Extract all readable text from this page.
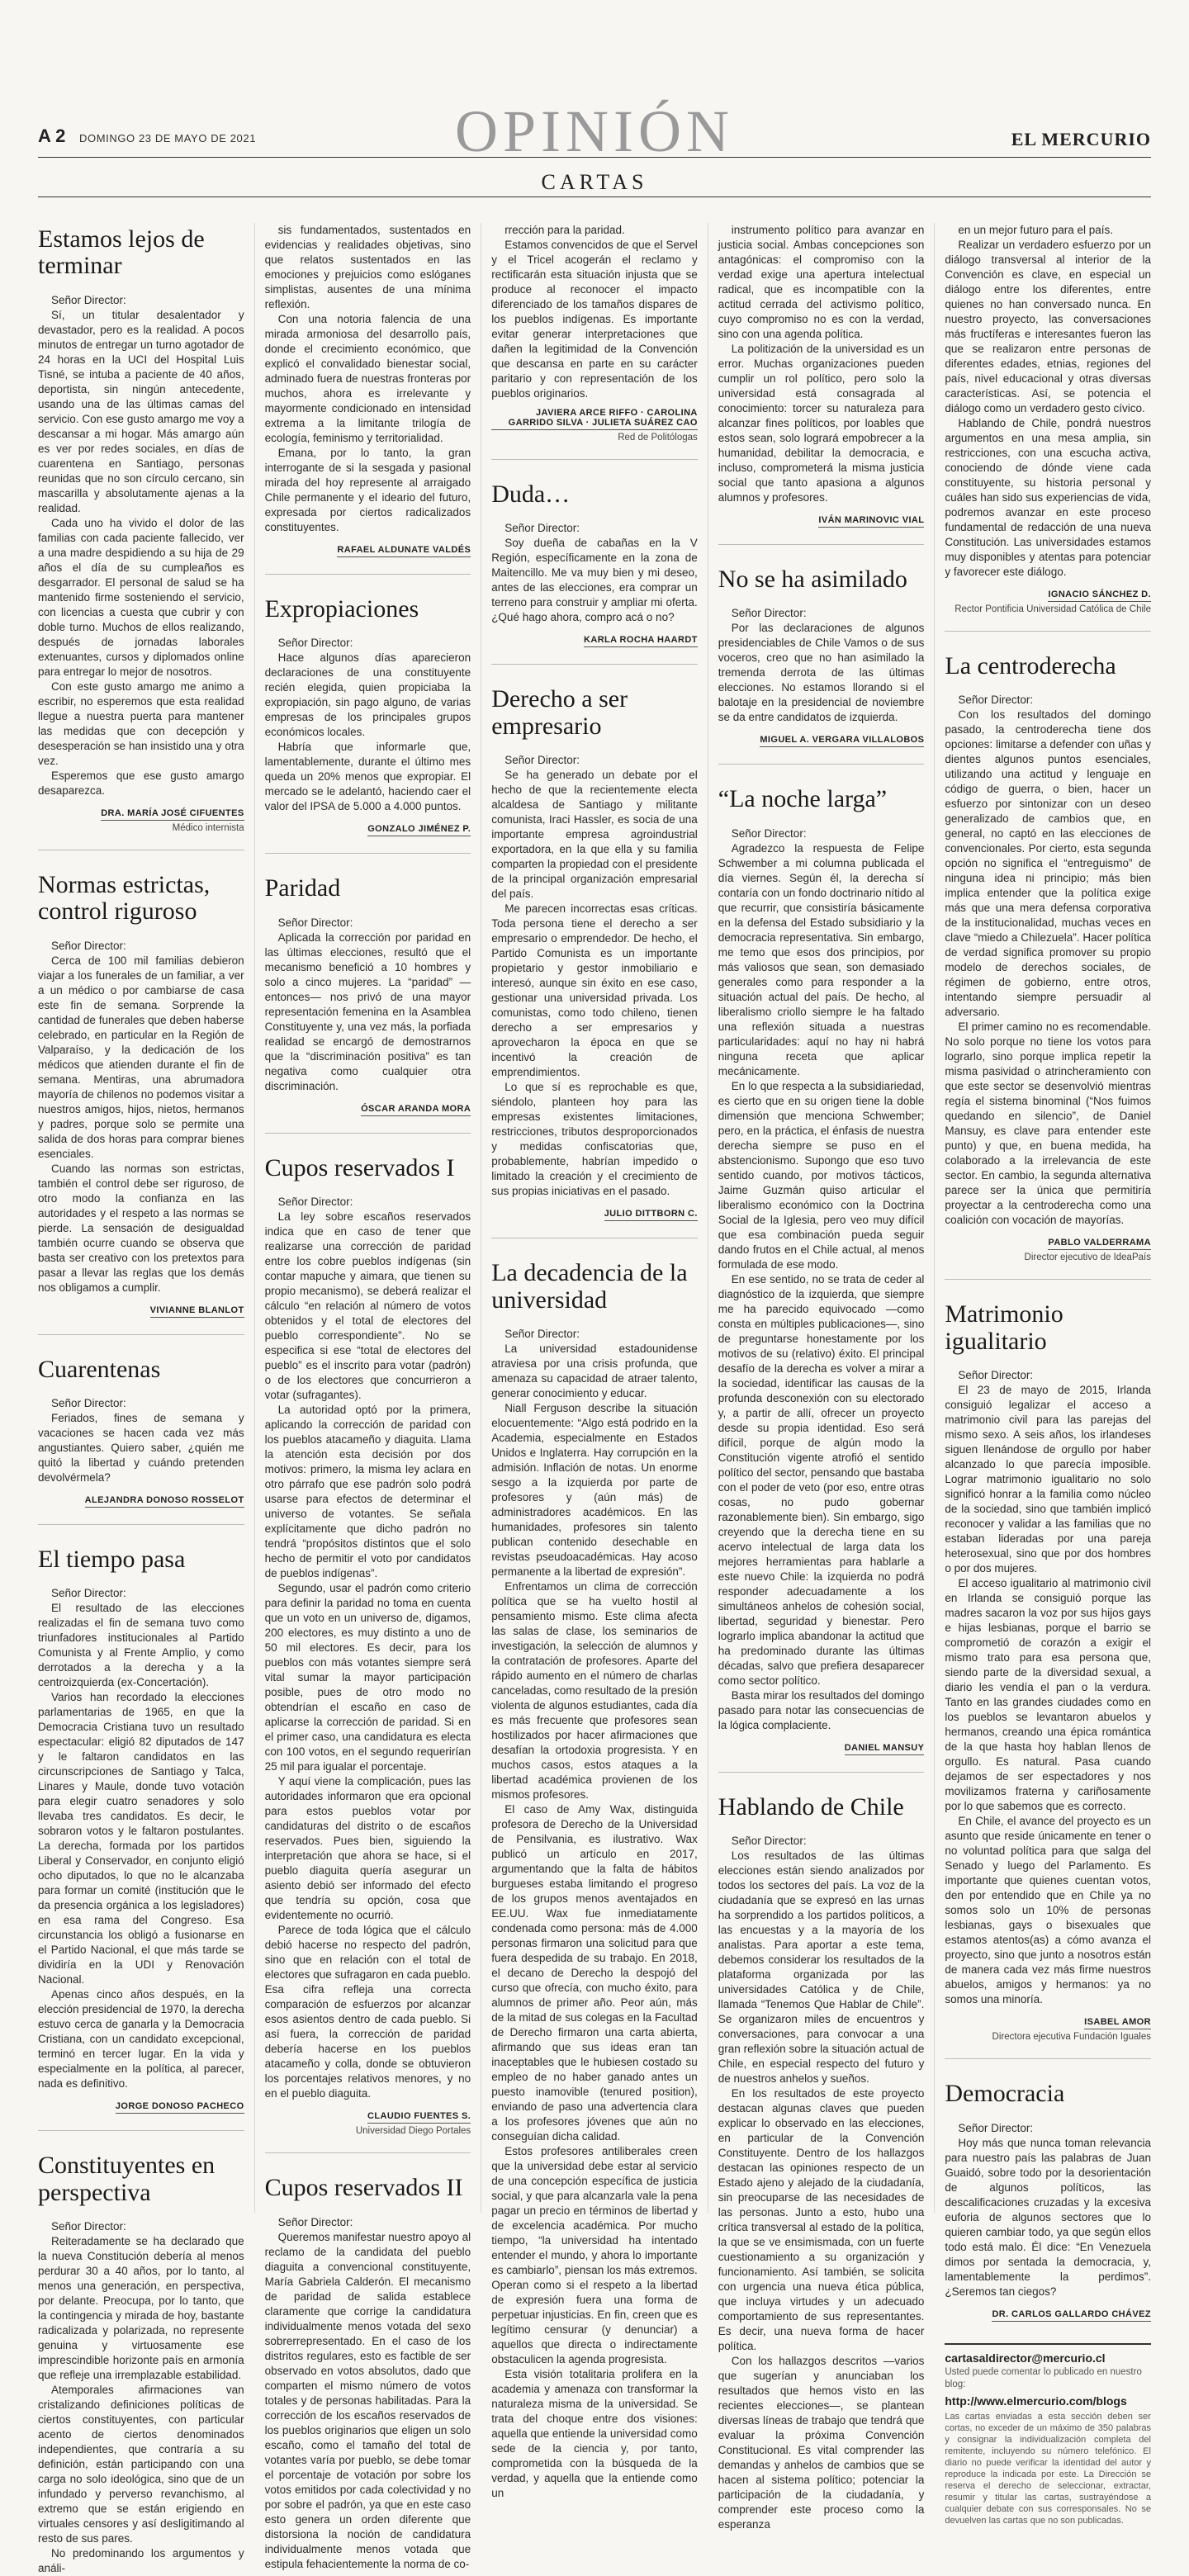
OPINIÓN
A 2 DOMINGO 23 DE MAYO DE 2021	EL MERCURIO
CARTAS
Estamos lejos de terminar
Señor Director:

Sí, un titular desalentador y devastador, pero es la realidad. A pocos minutos de entregar un turno agotador de 24 horas en la UCI del Hospital Luis Tisné, se intuba a paciente de 40 años, deportista, sin ningún antecedente, usando una de las últimas camas del servicio. Con ese gusto amargo me voy a descansar a mi hogar. Más amargo aún es ver por redes sociales, en días de cuarentena en Santiago, personas reunidas que no son círculo cercano, sin mascarilla y absolutamente ajenas a la realidad.

Cada uno ha vivido el dolor de las familias con cada paciente fallecido, ver a una madre despidiendo a su hija de 29 años el día de su cumpleaños es desgarrador. El personal de salud se ha mantenido firme sosteniendo el servicio, con licencias a cuesta que cubrir y con doble turno. Muchos de ellos realizando, después de jornadas laborales extenuantes, cursos y diplomados online para entregar lo mejor de nosotros.

Con este gusto amargo me animo a escribir, no esperemos que esta realidad llegue a nuestra puerta para mantener las medidas que con decepción y desesperación se han insistido una y otra vez.

Esperemos que ese gusto amargo desaparezca.

DRA. MARÍA JOSÉ CIFUENTES
Médico internista
Normas estrictas, control riguroso
Señor Director:

Cerca de 100 mil familias debieron viajar a los funerales de un familiar, a ver a un médico o por cambiarse de casa este fin de semana. Sorprende la cantidad de funerales que deben haberse celebrado, en particular en la Región de Valparaíso, y la dedicación de los médicos que atienden durante el fin de semana. Mentiras, una abrumadora mayoría de chilenos no podemos visitar a nuestros amigos, hijos, nietos, hermanos y padres, porque solo se permite una salida de dos horas para comprar bienes esenciales.

Cuando las normas son estrictas, también el control debe ser riguroso, de otro modo la confianza en las autoridades y el respeto a las normas se pierde. La sensación de desigualdad también ocurre cuando se observa que basta ser creativo con los pretextos para pasar a llevar las reglas que los demás nos obligamos a cumplir.

VIVIANNE BLANLOT
Cuarentenas
Señor Director:

Feriados, fines de semana y vacaciones se hacen cada vez más angustiantes. Quiero saber, ¿quién me quitó la libertad y cuándo pretenden devolvérmela?

ALEJANDRA DONOSO ROSSELOT
El tiempo pasa
Señor Director:

El resultado de las elecciones realizadas el fin de semana tuvo como triunfadores institucionales al Partido Comunista y al Frente Amplio, y como derrotados a la derecha y a la centroizquierda (ex-Concertación).

Varios han recordado la elecciones parlamentarias de 1965, en que la Democracia Cristiana tuvo un resultado espectacular: eligió 82 diputados de 147 y le faltaron candidatos en las circunscripciones de Santiago y Talca, Linares y Maule, donde tuvo votación para elegir cuatro senadores y solo llevaba tres candidatos. Es decir, le sobraron votos y le faltaron postulantes. La derecha, formada por los partidos Liberal y Conservador, en conjunto eligió ocho diputados, lo que no le alcanzaba para formar un comité (institución que le da presencia orgánica a los legisladores) en esa rama del Congreso. Esa circunstancia los obligó a fusionarse en el Partido Nacional, el que más tarde se dividiría en la UDI y Renovación Nacional.

Apenas cinco años después, en la elección presidencial de 1970, la derecha estuvo cerca de ganarla y la Democracia Cristiana, con un candidato excepcional, terminó en tercer lugar. En la vida y especialmente en la política, al parecer, nada es definitivo.

JORGE DONOSO PACHECO
Constituyentes en perspectiva
Señor Director:

Reiteradamente se ha declarado que la nueva Constitución debería al menos perdurar 30 a 40 años, por lo tanto, al menos una generación, en perspectiva, por delante. Preocupa, por lo tanto, que la contingencia y mirada de hoy, bastante radicalizada y polarizada, no represente genuina y virtuosamente ese imprescindible horizonte país en armonía que refleje una irremplazable estabilidad.

Atemporales afirmaciones van cristalizando definiciones políticas de ciertos constituyentes, con particular acento de ciertos denominados independientes, que contraría a su definición, están participando con una carga no solo ideológica, sino que de un infundado y perverso revanchismo, al extremo que se están erigiendo en virtuales censores y así desligitimando al resto de sus pares.

No predominando los argumentos y análi-

sis fundamentados, sustentados en evidencias y realidades objetivas, sino que relatos sustentados en las emociones y prejuicios como eslóganes simplistas, ausentes de una mínima reflexión.

Con una notoria falencia de una mirada armoniosa del desarrollo país, donde el crecimiento económico, que explicó el convalidado bienestar social, adminado fuera de nuestras fronteras por muchos, ahora es irrelevante y mayormente condicionado en intensidad extrema a la limitante trilogía de ecología, feminismo y territorialidad.

Emana, por lo tanto, la gran interrogante de si la sesgada y pasional mirada del hoy represente al arraigado Chile permanente y el ideario del futuro, expresada por ciertos radicalizados constituyentes.

RAFAEL ALDUNATE VALDÉS
Expropiaciones
Señor Director:

Hace algunos días aparecieron declaraciones de una constituyente recién elegida, quien propiciaba la expropiación, sin pago alguno, de varias empresas de los principales grupos económicos locales.

Habría que informarle que, lamentablemente, durante el último mes queda un 20% menos que expropiar. El mercado se le adelantó, haciendo caer el valor del IPSA de 5.000 a 4.000 puntos.

GONZALO JIMÉNEZ P.
Paridad
Señor Director:

Aplicada la corrección por paridad en las últimas elecciones, resultó que el mecanismo benefició a 10 hombres y solo a cinco mujeres. La “paridad” —entonces— nos privó de una mayor representación femenina en la Asamblea Constituyente y, una vez más, la porfiada realidad se encargó de demostrarnos que la “discriminación positiva” es tan negativa como cualquier otra discriminación.

ÓSCAR ARANDA MORA
Cupos reservados I
Señor Director:

La ley sobre escaños reservados indica que en caso de tener que realizarse una corrección de paridad entre los cobre pueblos indígenas (sin contar mapuche y aimara, que tienen su propio mecanismo), se deberá realizar el cálculo “en relación al número de votos obtenidos y el total de electores del pueblo correspondiente”. No se especifica si ese “total de electores del pueblo” es el inscrito para votar (padrón) o de los electores que concurrieron a votar (sufragantes).

La autoridad optó por la primera, aplicando la corrección de paridad con los pueblos atacameño y diaguita. Llama la atención esta decisión por dos motivos: primero, la misma ley aclara en otro párrafo que ese padrón solo podrá usarse para efectos de determinar el universo de votantes. Se señala explícitamente que dicho padrón no tendrá “propósitos distintos que el solo hecho de permitir el voto por candidatos de pueblos indígenas”.

Segundo, usar el padrón como criterio para definir la paridad no toma en cuenta que un voto en un universo de, digamos, 200 electores, es muy distinto a uno de 50 mil electores. Es decir, para los pueblos con más votantes siempre será vital sumar la mayor participación posible, pues de otro modo no obtendrían el escaño en caso de aplicarse la corrección de paridad. Si en el primer caso, una candidatura es electa con 100 votos, en el segundo requerirían 25 mil para igualar el porcentaje.

Y aquí viene la complicación, pues las autoridades informaron que era opcional para estos pueblos votar por candidaturas del distrito o de escaños reservados. Pues bien, siguiendo la interpretación que ahora se hace, si el pueblo diaguita quería asegurar un asiento debió ser informado del efecto que tendría su opción, cosa que evidentemente no ocurrió.

Parece de toda lógica que el cálculo debió hacerse no respecto del padrón, sino que en relación con el total de electores que sufragaron en cada pueblo. Esa cifra refleja una correcta comparación de esfuerzos por alcanzar esos asientos dentro de cada pueblo. Si así fuera, la corrección de paridad debería hacerse en los pueblos atacameño y colla, donde se obtuvieron los porcentajes relativos menores, y no en el pueblo diaguita.

CLAUDIO FUENTES S.
Universidad Diego Portales
Cupos reservados II
Señor Director:

Queremos manifestar nuestro apoyo al reclamo de la candidata del pueblo diaguita a convencional constituyente, María Gabriela Calderón. El mecanismo de paridad de salida establece claramente que corrige la candidatura individualmente menos votada del sexo sobrerrepresentado. En el caso de los distritos regulares, esto es factible de ser observado en votos absolutos, dado que comparten el mismo número de votos totales y de personas habilitadas. Para la corrección de los escaños reservados de los pueblos originarios que eligen un solo escaño, como el tamaño del total de votantes varía por pueblo, se debe tomar el porcentaje de votación por sobre los votos emitidos por cada colectividad y no por sobre el padrón, ya que en este caso esto genera un orden diferente que distorsiona la noción de candidatura individualmente menos votada que estipula fehacientemente la norma de co-

rrección para la paridad.

Estamos convencidos de que el Servel y el Tricel acogerán el reclamo y rectificarán esta situación injusta que se produce al reconocer el impacto diferenciado de los tamaños dispares de los pueblos indígenas. Es importante evitar generar interpretaciones que dañen la legitimidad de la Convención que descansa en parte en su carácter paritario y con representación de los pueblos originarios.

JAVIERA ARCE RIFFO · CAROLINA GARRIDO SILVA · JULIETA SUÁREZ CAO
Red de Politólogas
Duda…
Señor Director:

Soy dueña de cabañas en la V Región, específicamente en la zona de Maitencillo. Me va muy bien y mi deseo, antes de las elecciones, era comprar un terreno para construir y ampliar mi oferta. ¿Qué hago ahora, compro acá o no?

KARLA ROCHA HAARDT
Derecho a ser empresario
Señor Director:

Se ha generado un debate por el hecho de que la recientemente electa alcaldesa de Santiago y militante comunista, Iraci Hassler, es socia de una importante empresa agroindustrial exportadora, en la que ella y su familia comparten la propiedad con el presidente de la principal organización empresarial del país.

Me parecen incorrectas esas críticas. Toda persona tiene el derecho a ser empresario o emprendedor. De hecho, el Partido Comunista es un importante propietario y gestor inmobiliario e interesó, aunque sin éxito en ese caso, gestionar una universidad privada. Los comunistas, como todo chileno, tienen derecho a ser empresarios y aprovecharon la época en que se incentivó la creación de emprendimientos.

Lo que sí es reprochable es que, siéndolo, planteen hoy para las empresas existentes limitaciones, restricciones, tributos desproporcionados y medidas confiscatorias que, probablemente, habrían impedido o limitado la creación y el crecimiento de sus propias iniciativas en el pasado.

JULIO DITTBORN C.
La decadencia de la universidad
Señor Director:

La universidad estadounidense atraviesa por una crisis profunda, que amenaza su capacidad de atraer talento, generar conocimiento y educar.

Niall Ferguson describe la situación elocuentemente: “Algo está podrido en la Academia, especialmente en Estados Unidos e Inglaterra. Hay corrupción en la admisión. Inflación de notas. Un enorme sesgo a la izquierda por parte de profesores y (aún más) de administradores académicos. En las humanidades, profesores sin talento publican contenido desechable en revistas pseudoacadémicas. Hay acoso permanente a la libertad de expresión”.

Enfrentamos un clima de corrección política que se ha vuelto hostil al pensamiento mismo. Este clima afecta las salas de clase, los seminarios de investigación, la selección de alumnos y la contratación de profesores. Aparte del rápido aumento en el número de charlas canceladas, como resultado de la presión violenta de algunos estudiantes, cada día es más frecuente que profesores sean hostilizados por hacer afirmaciones que desafían la ortodoxia progresista. Y en muchos casos, estos ataques a la libertad académica provienen de los mismos profesores.

El caso de Amy Wax, distinguida profesora de Derecho de la Universidad de Pensilvania, es ilustrativo. Wax publicó un artículo en 2017, argumentando que la falta de hábitos burgueses estaba limitando el progreso de los grupos menos aventajados en EE.UU. Wax fue inmediatamente condenada como persona: más de 4.000 personas firmaron una solicitud para que fuera despedida de su trabajo. En 2018, el decano de Derecho la despojó del curso que ofrecía, con mucho éxito, para alumnos de primer año. Peor aún, más de la mitad de sus colegas en la Facultad de Derecho firmaron una carta abierta, afirmando que sus ideas eran tan inaceptables que le hubiesen costado su empleo de no haber ganado antes un puesto inamovible (tenured position), enviando de paso una advertencia clara a los profesores jóvenes que aún no conseguían dicha calidad.

Estos profesores antiliberales creen que la universidad debe estar al servicio de una concepción específica de justicia social, y que para alcanzarla vale la pena pagar un precio en términos de libertad y de excelencia académica. Por mucho tiempo, “la universidad ha intentado entender el mundo, y ahora lo importante es cambiarlo”, piensan los más extremos. Operan como si el respeto a la libertad de expresión fuera una forma de perpetuar injusticias. En fin, creen que es legítimo censurar (y denunciar) a aquellos que directa o indirectamente obstaculicen la agenda progresista.

Esta visión totalitaria prolifera en la academia y amenaza con transformar la naturaleza misma de la universidad. Se trata del choque entre dos visiones: aquella que entiende la universidad como sede de la ciencia y, por tanto, comprometida con la búsqueda de la verdad, y aquella que la entiende como un

instrumento político para avanzar en justicia social. Ambas concepciones son antagónicas: el compromiso con la verdad exige una apertura intelectual radical, que es incompatible con la actitud cerrada del activismo político, cuyo compromiso no es con la verdad, sino con una agenda política.

La politización de la universidad es un error. Muchas organizaciones pueden cumplir un rol político, pero solo la universidad está consagrada al conocimiento: torcer su naturaleza para alcanzar fines políticos, por loables que estos sean, solo logrará empobrecer a la humanidad, debilitar la democracia, e incluso, comprometerá la misma justicia social que tanto apasiona a algunos alumnos y profesores.

IVÁN MARINOVIC VIAL
No se ha asimilado
Señor Director:

Por las declaraciones de algunos presidenciables de Chile Vamos o de sus voceros, creo que no han asimilado la tremenda derrota de las últimas elecciones. No estamos llorando si el balotaje en la presidencial de noviembre se da entre candidatos de izquierda.

MIGUEL A. VERGARA VILLALOBOS
“La noche larga”
Señor Director:

Agradezco la respuesta de Felipe Schwember a mi columna publicada el día viernes. Según él, la derecha sí contaría con un fondo doctrinario nítido al que recurrir, que consistiría básicamente en la defensa del Estado subsidiario y la democracia representativa. Sin embargo, me temo que esos dos principios, por más valiosos que sean, son demasiado generales como para responder a la situación actual del país. De hecho, al liberalismo criollo siempre le ha faltado una reflexión situada a nuestras particularidades: aquí no hay ni habrá ninguna receta que aplicar mecánicamente.

En lo que respecta a la subsidiariedad, es cierto que en su origen tiene la doble dimensión que menciona Schwember; pero, en la práctica, el énfasis de nuestra derecha siempre se puso en el abstencionismo. Supongo que eso tuvo sentido cuando, por motivos tácticos, Jaime Guzmán quiso articular el liberalismo económico con la Doctrina Social de la Iglesia, pero veo muy difícil que esa combinación pueda seguir dando frutos en el Chile actual, al menos formulada de ese modo.

En ese sentido, no se trata de ceder al diagnóstico de la izquierda, que siempre me ha parecido equivocado —como consta en múltiples publicaciones—, sino de preguntarse honestamente por los motivos de su (relativo) éxito. El principal desafío de la derecha es volver a mirar a la sociedad, identificar las causas de la profunda desconexión con su electorado y, a partir de allí, ofrecer un proyecto desde su propia identidad. Eso será difícil, porque de algún modo la Constitución vigente atrofió el sentido político del sector, pensando que bastaba con el poder de veto (por eso, entre otras cosas, no pudo gobernar razonablemente bien). Sin embargo, sigo creyendo que la derecha tiene en su acervo intelectual de larga data los mejores herramientas para hablarle a este nuevo Chile: la izquierda no podrá responder adecuadamente a los simultáneos anhelos de cohesión social, libertad, seguridad y bienestar. Pero lograrlo implica abandonar la actitud que ha predominado durante las últimas décadas, salvo que prefiera desaparecer como sector político.

Basta mirar los resultados del domingo pasado para notar las consecuencias de la lógica complaciente.

DANIEL MANSUY
Hablando de Chile
Señor Director:

Los resultados de las últimas elecciones están siendo analizados por todos los sectores del país. La voz de la ciudadanía que se expresó en las urnas ha sorprendido a los partidos políticos, a las encuestas y a la mayoría de los analistas. Para aportar a este tema, debemos considerar los resultados de la plataforma organizada por las universidades Católica y de Chile, llamada “Tenemos Que Hablar de Chile”. Se organizaron miles de encuentros y conversaciones, para convocar a una gran reflexión sobre la situación actual de Chile, en especial respecto del futuro y de nuestros anhelos y sueños.

En los resultados de este proyecto destacan algunas claves que pueden explicar lo observado en las elecciones, en particular de la Convención Constituyente. Dentro de los hallazgos destacan las opiniones respecto de un Estado ajeno y alejado de la ciudadanía, sin preocuparse de las necesidades de las personas. Junto a esto, hubo una crítica transversal al estado de la política, la que se ve ensimismada, con un fuerte cuestionamiento a su organización y funcionamiento. Así también, se solicita con urgencia una nueva ética pública, que incluya virtudes y un adecuado comportamiento de sus representantes. Es decir, una nueva forma de hacer política.

Con los hallazgos descritos —varios que sugerían y anunciaban los resultados que hemos visto en las recientes elecciones—, se plantean diversas líneas de trabajo que tendrá que evaluar la próxima Convención Constitucional. Es vital comprender las demandas y anhelos de cambios que se hacen al sistema político; potenciar la participación de la ciudadanía, y comprender este proceso como la esperanza

en un mejor futuro para el país.

Realizar un verdadero esfuerzo por un diálogo transversal al interior de la Convención es clave, en especial un diálogo entre los diferentes, entre quienes no han conversado nunca. En nuestro proyecto, las conversaciones más fructíferas e interesantes fueron las que se realizaron entre personas de diferentes edades, etnias, regiones del país, nivel educacional y otras diversas características. Así, se potencia el diálogo como un verdadero gesto cívico.

Hablando de Chile, pondrá nuestros argumentos en una mesa amplia, sin restricciones, con una escucha activa, conociendo de dónde viene cada constituyente, su historia personal y cuáles han sido sus experiencias de vida, podremos avanzar en este proceso fundamental de redacción de una nueva Constitución. Las universidades estamos muy disponibles y atentas para potenciar y favorecer este diálogo.

IGNACIO SÁNCHEZ D.
Rector Pontificia Universidad Católica de Chile
La centroderecha
Señor Director:

Con los resultados del domingo pasado, la centroderecha tiene dos opciones: limitarse a defender con uñas y dientes algunos puntos esenciales, utilizando una actitud y lenguaje en código de guerra, o bien, hacer un esfuerzo por sintonizar con un deseo generalizado de cambios que, en general, no captó en las elecciones de convencionales. Por cierto, esta segunda opción no significa el “entreguismo” de ninguna idea ni principio; más bien implica entender que la política exige más que una mera defensa corporativa de la institucionalidad, muchas veces en clave “miedo a Chilezuela”. Hacer política de verdad significa promover su propio modelo de derechos sociales, de régimen de gobierno, entre otros, intentando siempre persuadir al adversario.

El primer camino no es recomendable. No solo porque no tiene los votos para lograrlo, sino porque implica repetir la misma pasividad o atrincheramiento con que este sector se desenvolvió mientras regía el sistema binominal (“Nos fuimos quedando en silencio”, de Daniel Mansuy, es clave para entender este punto) y que, en buena medida, ha colaborado a la irrelevancia de este sector. En cambio, la segunda alternativa parece ser la única que permitiría proyectar a la centroderecha como una coalición con vocación de mayorías.

PABLO VALDERRAMA
Director ejecutivo de IdeaPaís
Matrimonio igualitario
Señor Director:

El 23 de mayo de 2015, Irlanda consiguió legalizar el acceso a matrimonio civil para las parejas del mismo sexo. A seis años, los irlandeses siguen llenándose de orgullo por haber alcanzado lo que parecía imposible. Lograr matrimonio igualitario no solo significó honrar a la familia como núcleo de la sociedad, sino que también implicó reconocer y validar a las familias que no estaban lideradas por una pareja heterosexual, sino que por dos hombres o por dos mujeres.

El acceso igualitario al matrimonio civil en Irlanda se consiguió porque las madres sacaron la voz por sus hijos gays e hijas lesbianas, porque el barrio se comprometió de corazón a exigir el mismo trato para esa persona que, siendo parte de la diversidad sexual, a diario les vendía el pan o la verdura. Tanto en las grandes ciudades como en los pueblos se levantaron abuelos y hermanos, creando una épica romántica de la que hasta hoy hablan llenos de orgullo. Es natural. Pasa cuando dejamos de ser espectadores y nos movilizamos fraterna y cariñosamente por lo que sabemos que es correcto.

En Chile, el avance del proyecto es un asunto que reside únicamente en tener o no voluntad política para que salga del Senado y luego del Parlamento. Es importante que quienes cuentan votos, den por entendido que en Chile ya no somos solo un 10% de personas lesbianas, gays o bisexuales que estamos atentos(as) a cómo avanza el proyecto, sino que junto a nosotros están de manera cada vez más firme nuestros abuelos, amigos y hermanos: ya no somos una minoría.

ISABEL AMOR
Directora ejecutiva Fundación Iguales
Democracia
Señor Director:

Hoy más que nunca toman relevancia para nuestro país las palabras de Juan Guaidó, sobre todo por la desorientación de algunos políticos, las descalificaciones cruzadas y la excesiva euforia de algunos sectores que lo quieren cambiar todo, ya que según ellos todo está malo. Él dice: “En Venezuela dimos por sentada la democracia, y, lamentablemente la perdimos”. ¿Seremos tan ciegos?

DR. CARLOS GALLARDO CHÁVEZ
cartasaldirector@mercurio.cl
Usted puede comentar lo publicado en nuestro blog:
http://www.elmercurio.com/blogs

Las cartas enviadas a esta sección deben ser cortas, no exceder de un máximo de 350 palabras y consignar la individualización completa del remitente, incluyendo su número telefónico. El diario no puede verificar la identidad del autor y reproduce la indicada por este. La Dirección se reserva el derecho de seleccionar, extractar, resumir y titular las cartas, sustrayéndose a cualquier debate con sus corresponsales. No se devuelven las cartas que no son publicadas.
